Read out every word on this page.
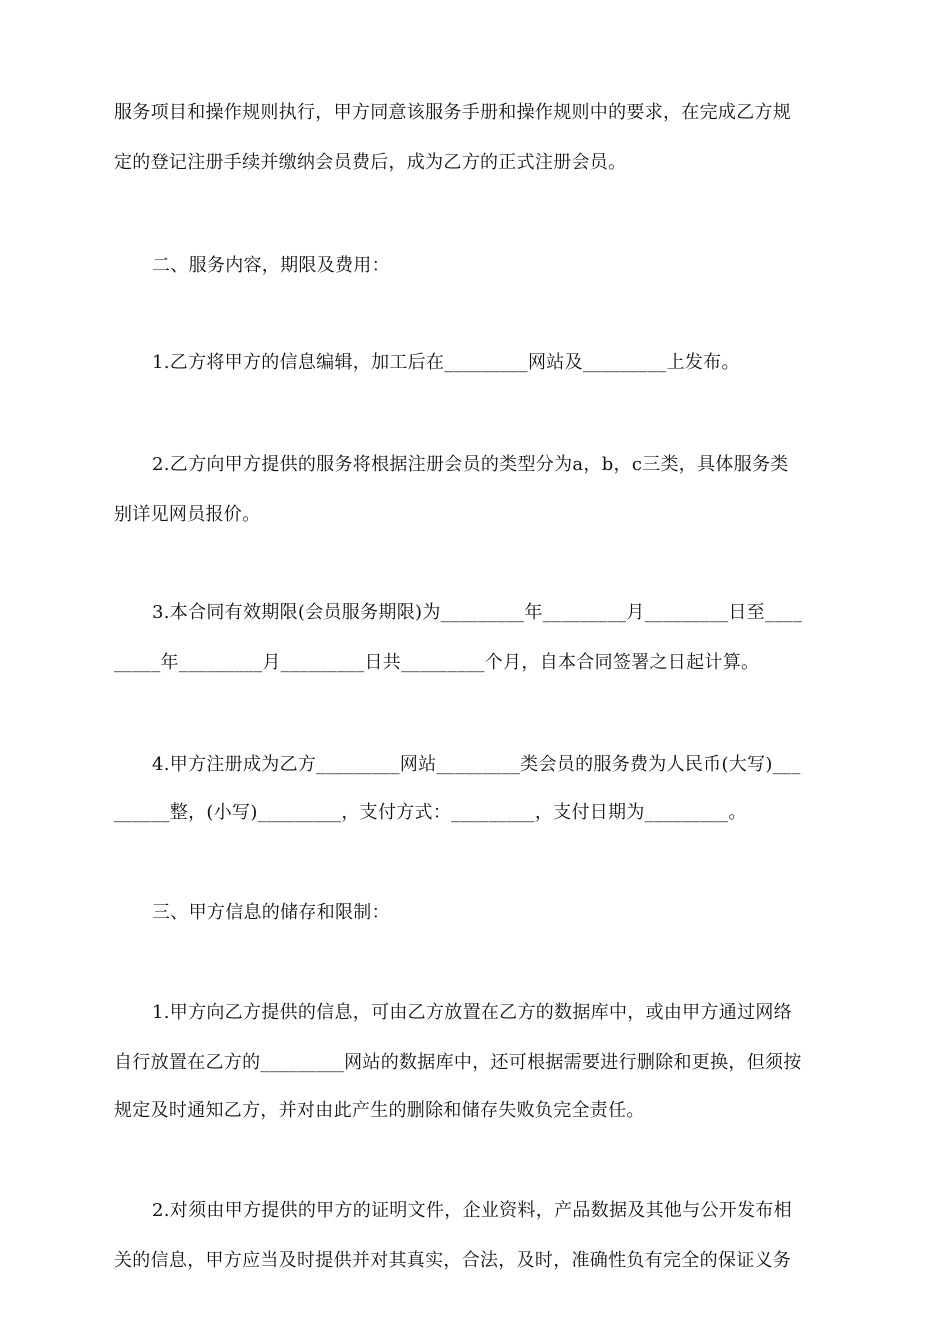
服务项目和操作规则执行，甲方同意该服务手册和操作规则中的要求，在完成乙方规
定的登记注册手续并缴纳会员费后，成为乙方的正式注册会员。
二、服务内容，期限及费用：
1.乙方将甲方的信息编辑，加工后在_________网站及_________上发布。
2.乙方向甲方提供的服务将根据注册会员的类型分为a，b，c三类，具体服务类
别详见网员报价。
3.本合同有效期限(会员服务期限)为_________年_________月_________日至____
_____年_________月_________日共_________个月，自本合同签署之日起计算。
4.甲方注册成为乙方_________网站_________类会员的服务费为人民币(大写)___
______整，(小写)_________，支付方式：_________，支付日期为_________。
三、甲方信息的储存和限制：
1.甲方向乙方提供的信息，可由乙方放置在乙方的数据库中，或由甲方通过网络
自行放置在乙方的_________网站的数据库中，还可根据需要进行删除和更换，但须按
规定及时通知乙方，并对由此产生的删除和储存失败负完全责任。
2.对须由甲方提供的甲方的证明文件，企业资料，产品数据及其他与公开发布相
关的信息，甲方应当及时提供并对其真实，合法，及时，准确性负有完全的保证义务
